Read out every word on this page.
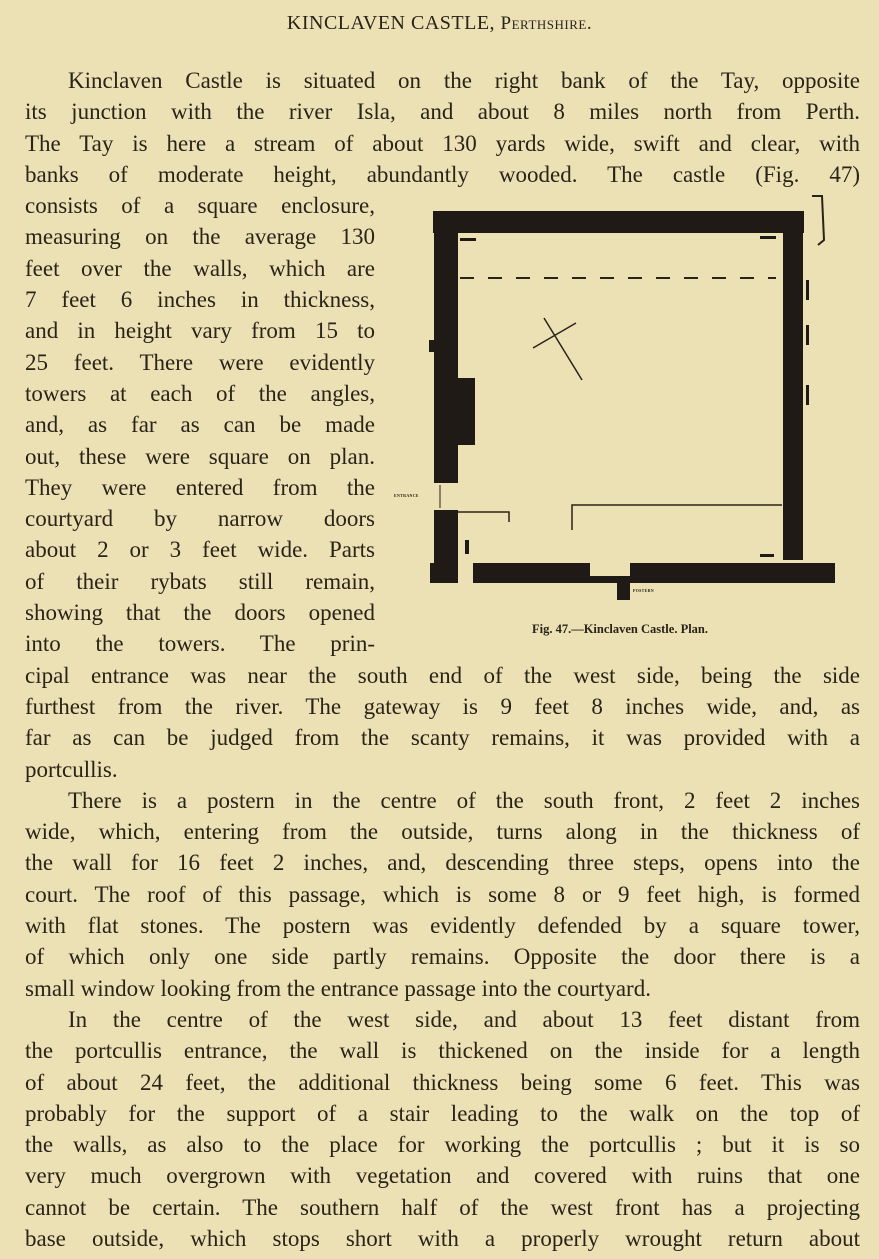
KINCLAVEN CASTLE, Perthshire.
Kinclaven Castle is situated on the right bank of the Tay, opposite
its junction with the river Isla, and about 8 miles north from Perth.
The Tay is here a stream of about 130 yards wide, swift and clear, with
banks of moderate height, abundantly wooded. The castle (Fig. 47)
consists of a square enclosure,
measuring on the average 130
feet over the walls, which are
7 feet 6 inches in thickness,
and in height vary from 15 to
25 feet. There were evidently
towers at each of the angles,
and, as far as can be made
out, these were square on plan.
They were entered from the
courtyard by narrow doors
about 2 or 3 feet wide. Parts
of their rybats still remain,
showing that the doors opened
into the towers. The prin-
cipal entrance was near the south end of the west side, being the side
furthest from the river. The gateway is 9 feet 8 inches wide, and, as
far as can be judged from the scanty remains, it was provided with a
portcullis.
There is a postern in the centre of the south front, 2 feet 2 inches
wide, which, entering from the outside, turns along in the thickness of
the wall for 16 feet 2 inches, and, descending three steps, opens into the
court. The roof of this passage, which is some 8 or 9 feet high, is formed
with flat stones. The postern was evidently defended by a square tower,
of which only one side partly remains. Opposite the door there is a
small window looking from the entrance passage into the courtyard.
In the centre of the west side, and about 13 feet distant from
the portcullis entrance, the wall is thickened on the inside for a length
of about 24 feet, the additional thickness being some 6 feet. This was
probably for the support of a stair leading to the walk on the top of
the walls, as also to the place for working the portcullis ; but it is so
very much overgrown with vegetation and covered with ruins that one
cannot be certain. The southern half of the west front has a projecting
base outside, which stops short with a properly wrought return about
ENTRANCE
POSTERN
Fig. 47.—Kinclaven Castle. Plan.
